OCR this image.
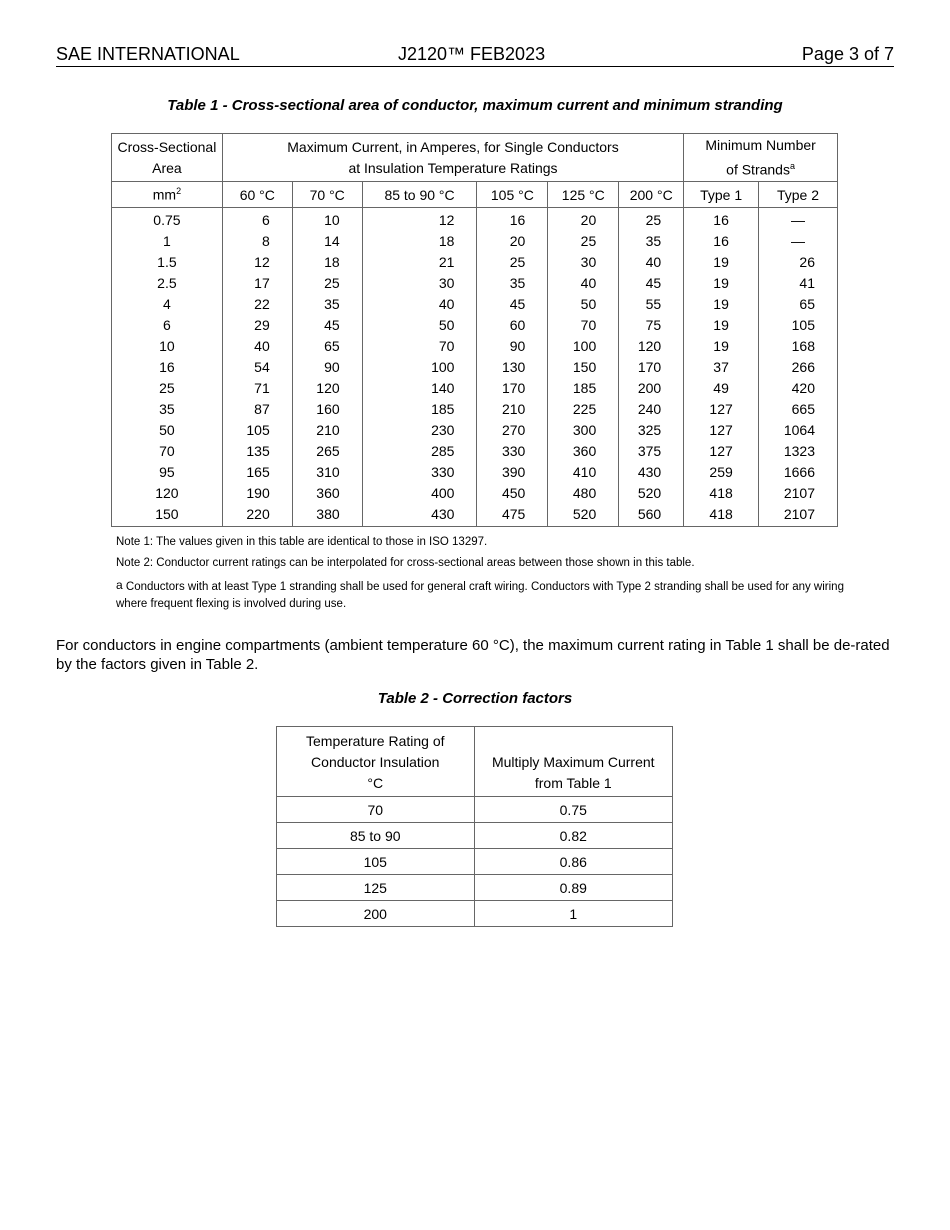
SAE INTERNATIONAL	J2120™ FEB2023	Page 3 of 7
Table 1 - Cross-sectional area of conductor, maximum current and minimum stranding
Cross-Sectional
Area	Maximum Current, in Amperes, for Single Conductors
at Insulation Temperature Ratings						Minimum Number
of Strands$^a$
$mm^2$	60 °C	70 °C	85 to 90 °C	105 °C	125 °C	200 °C	Type 1	Type 2
0.75	6	10	12	16	20	25	16	—
1	8	14	18	20	25	35	16	—
1.5	12	18	21	25	30	40	19	26
2.5	17	25	30	35	40	45	19	41
4	22	35	40	45	50	55	19	65
6	29	45	50	60	70	75	19	105
10	40	65	70	90	100	120	19	168
16	54	90	100	130	150	170	37	266
25	71	120	140	170	185	200	49	420
35	87	160	185	210	225	240	127	665
50	105	210	230	270	300	325	127	1064
70	135	265	285	330	360	375	127	1323
95	165	310	330	390	410	430	259	1666
120	190	360	400	450	480	520	418	2107
150	220	380	430	475	520	560	418	2107
Note 1: The values given in this table are identical to those in ISO 13297.
Note 2: Conductor current ratings can be interpolated for cross-sectional areas between those shown in this table.
a Conductors with at least Type 1 stranding shall be used for general craft wiring. Conductors with Type 2 stranding shall be used for any wiring where frequent flexing is involved during use.
For conductors in engine compartments (ambient temperature 60 °C), the maximum current rating in Table 1 shall be de-rated by the factors given in Table 2.
Table 2 - Correction factors
Temperature Rating of
Conductor Insulation
°C	Multiply Maximum Current
from Table 1
70	0.75
85 to 90	0.82
105	0.86
125	0.89
200	1
